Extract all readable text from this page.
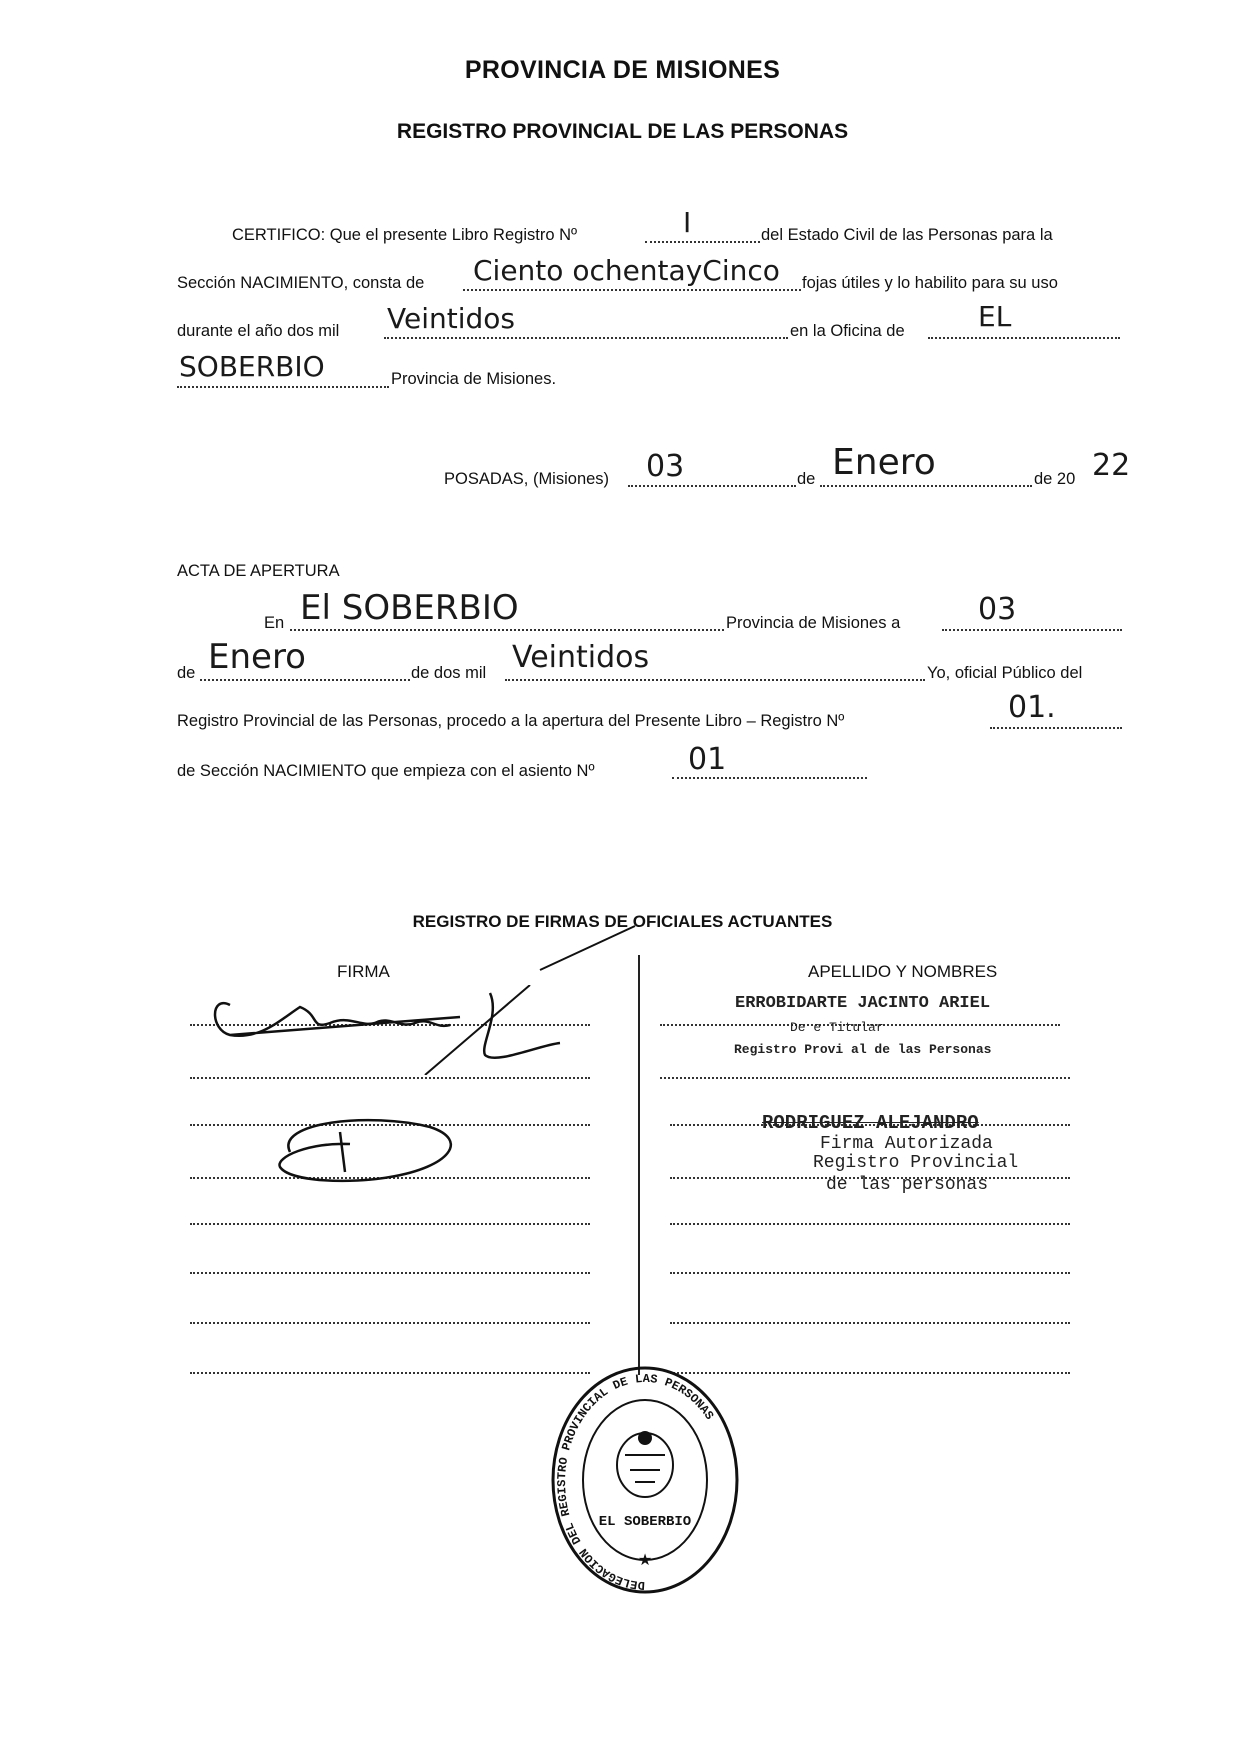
PROVINCIA DE MISIONES
REGISTRO PROVINCIAL DE LAS PERSONAS
CERTIFICO: Que el presente Libro Registro Nº	I	del Estado Civil de las Personas para la
Sección NACIMIENTO, consta de Ciento ochentayCinco fojas útiles y lo habilito para su uso
durante el año dos mil Veintidos	en la Oficina de	EL
SOBERBIO	Provincia de Misiones.
POSADAS, (Misiones) 03	de Enero	de 20 22
ACTA DE APERTURA
En El SOBERBIO	Provincia de Misiones a	03
de Enero	de dos mil Veintidos	Yo, oficial Público del
Registro Provincial de las Personas, procedo a la apertura del Presente Libro – Registro Nº	01.
de Sección NACIMIENTO que empieza con el asiento Nº	01
REGISTRO DE FIRMAS DE OFICIALES ACTUANTES
FIRMA	APELLIDO Y NOMBRES
ERROBIDARTE JACINTO ARIEL
De e Titular
Registro Provi al de las Personas
RODRIGUEZ ALEJANDRO
Firma Autorizada
Registro Provincial
de las personas
DELEGACION DEL REGISTRO PROVINCIAL DE LAS PERSONAS
EL SOBERBIO
★
